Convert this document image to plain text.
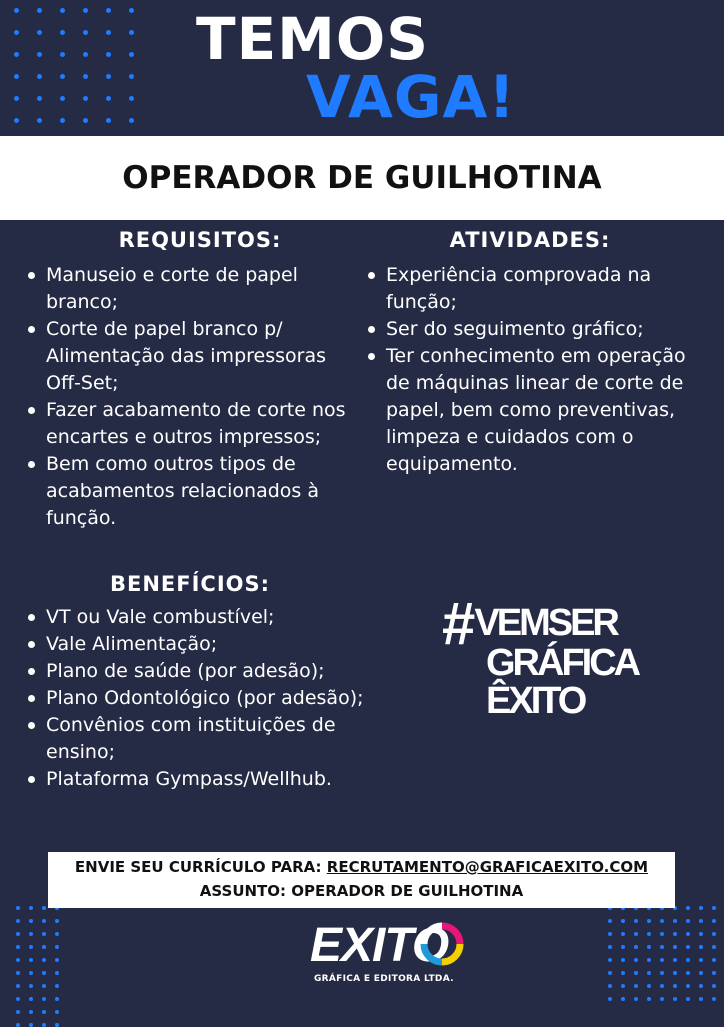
TEMOS
VAGA!
OPERADOR DE GUILHOTINA
REQUISITOS:
Manuseio e corte de papel branco;
Corte de papel branco p/ Alimentação das impressoras Off-Set;
Fazer acabamento de corte nos encartes e outros impressos;
Bem como outros tipos de acabamentos relacionados à função.
ATIVIDADES:
Experiência comprovada na função;
Ser do seguimento gráfico;
Ter conhecimento em operação de máquinas linear de corte de papel, bem como preventivas, limpeza e cuidados com o equipamento.
BENEFÍCIOS:
VT ou Vale combustível;
Vale Alimentação;
Plano de saúde (por adesão);
Plano Odontológico (por adesão);
Convênios com instituições de ensino;
Plataforma Gympass/Wellhub.
#VEMSER
GRÁFICA
ÊXITO
ENVIE SEU CURRÍCULO PARA: RECRUTAMENTO@GRAFICAEXITO.COM
ASSUNTO: OPERADOR DE GUILHOTINA
EXITO
GRÁFICA E EDITORA LTDA.
